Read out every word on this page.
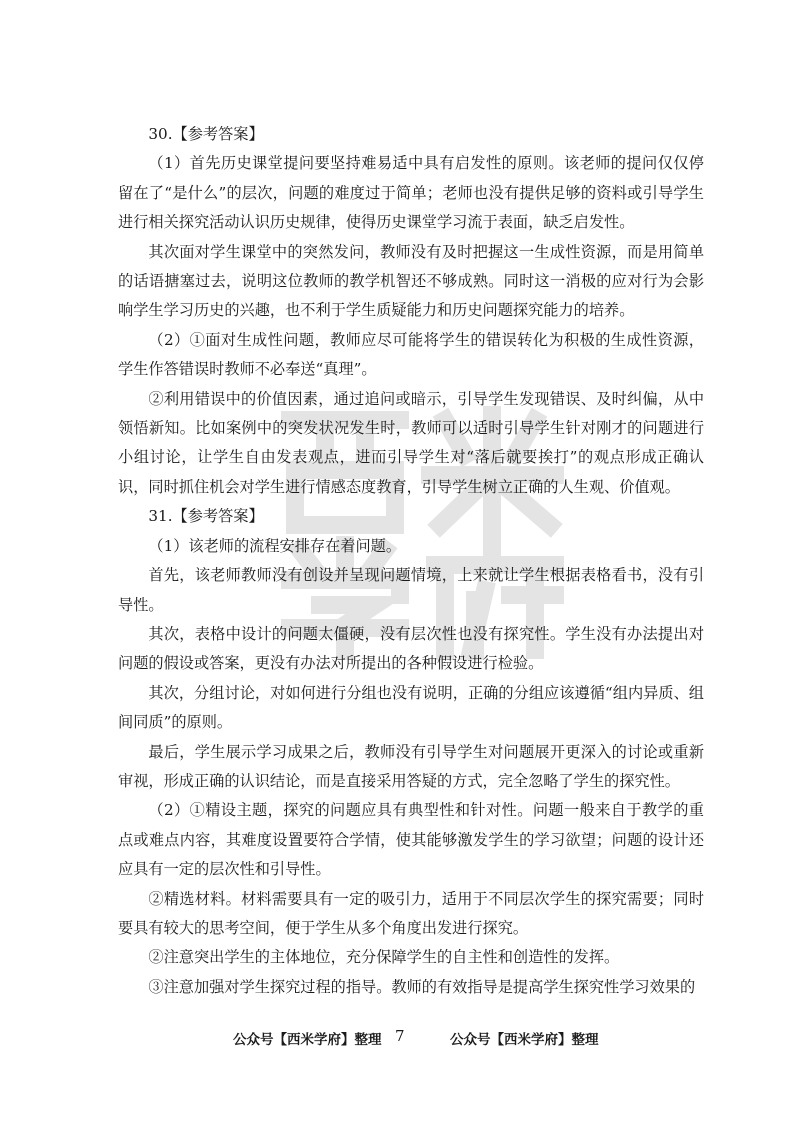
30.【参考答案】

（1）首先历史课堂提问要坚持难易适中具有启发性的原则。该老师的提问仅仅停留在了“是什么”的层次，问题的难度过于简单；老师也没有提供足够的资料或引导学生进行相关探究活动认识历史规律，使得历史课堂学习流于表面，缺乏启发性。

其次面对学生课堂中的突然发问，教师没有及时把握这一生成性资源，而是用简单的话语搪塞过去，说明这位教师的教学机智还不够成熟。同时这一消极的应对行为会影响学生学习历史的兴趣，也不利于学生质疑能力和历史问题探究能力的培养。

（2）①面对生成性问题，教师应尽可能将学生的错误转化为积极的生成性资源，学生作答错误时教师不必奉送“真理”。

②利用错误中的价值因素，通过追问或暗示，引导学生发现错误、及时纠偏，从中领悟新知。比如案例中的突发状况发生时，教师可以适时引导学生针对刚才的问题进行小组讨论，让学生自由发表观点，进而引导学生对“落后就要挨打”的观点形成正确认识，同时抓住机会对学生进行情感态度教育，引导学生树立正确的人生观、价值观。

31.【参考答案】

（1）该老师的流程安排存在着问题。

首先，该老师教师没有创设并呈现问题情境，上来就让学生根据表格看书，没有引导性。

其次，表格中设计的问题太僵硬，没有层次性也没有探究性。学生没有办法提出对问题的假设或答案，更没有办法对所提出的各种假设进行检验。

其次，分组讨论，对如何进行分组也没有说明，正确的分组应该遵循“组内异质、组间同质”的原则。

最后，学生展示学习成果之后，教师没有引导学生对问题展开更深入的讨论或重新审视，形成正确的认识结论，而是直接采用答疑的方式，完全忽略了学生的探究性。

（2）①精设主题，探究的问题应具有典型性和针对性。问题一般来自于教学的重点或难点内容，其难度设置要符合学情，使其能够激发学生的学习欲望；问题的设计还应具有一定的层次性和引导性。

②精选材料。材料需要具有一定的吸引力，适用于不同层次学生的探究需要；同时要具有较大的思考空间，便于学生从多个角度出发进行探究。

②注意突出学生的主体地位，充分保障学生的自主性和创造性的发挥。

③注意加强对学生探究过程的指导。教师的有效指导是提高学生探究性学习效果的

公众号【西米学府】整理 7	公众号【西米学府】整理
